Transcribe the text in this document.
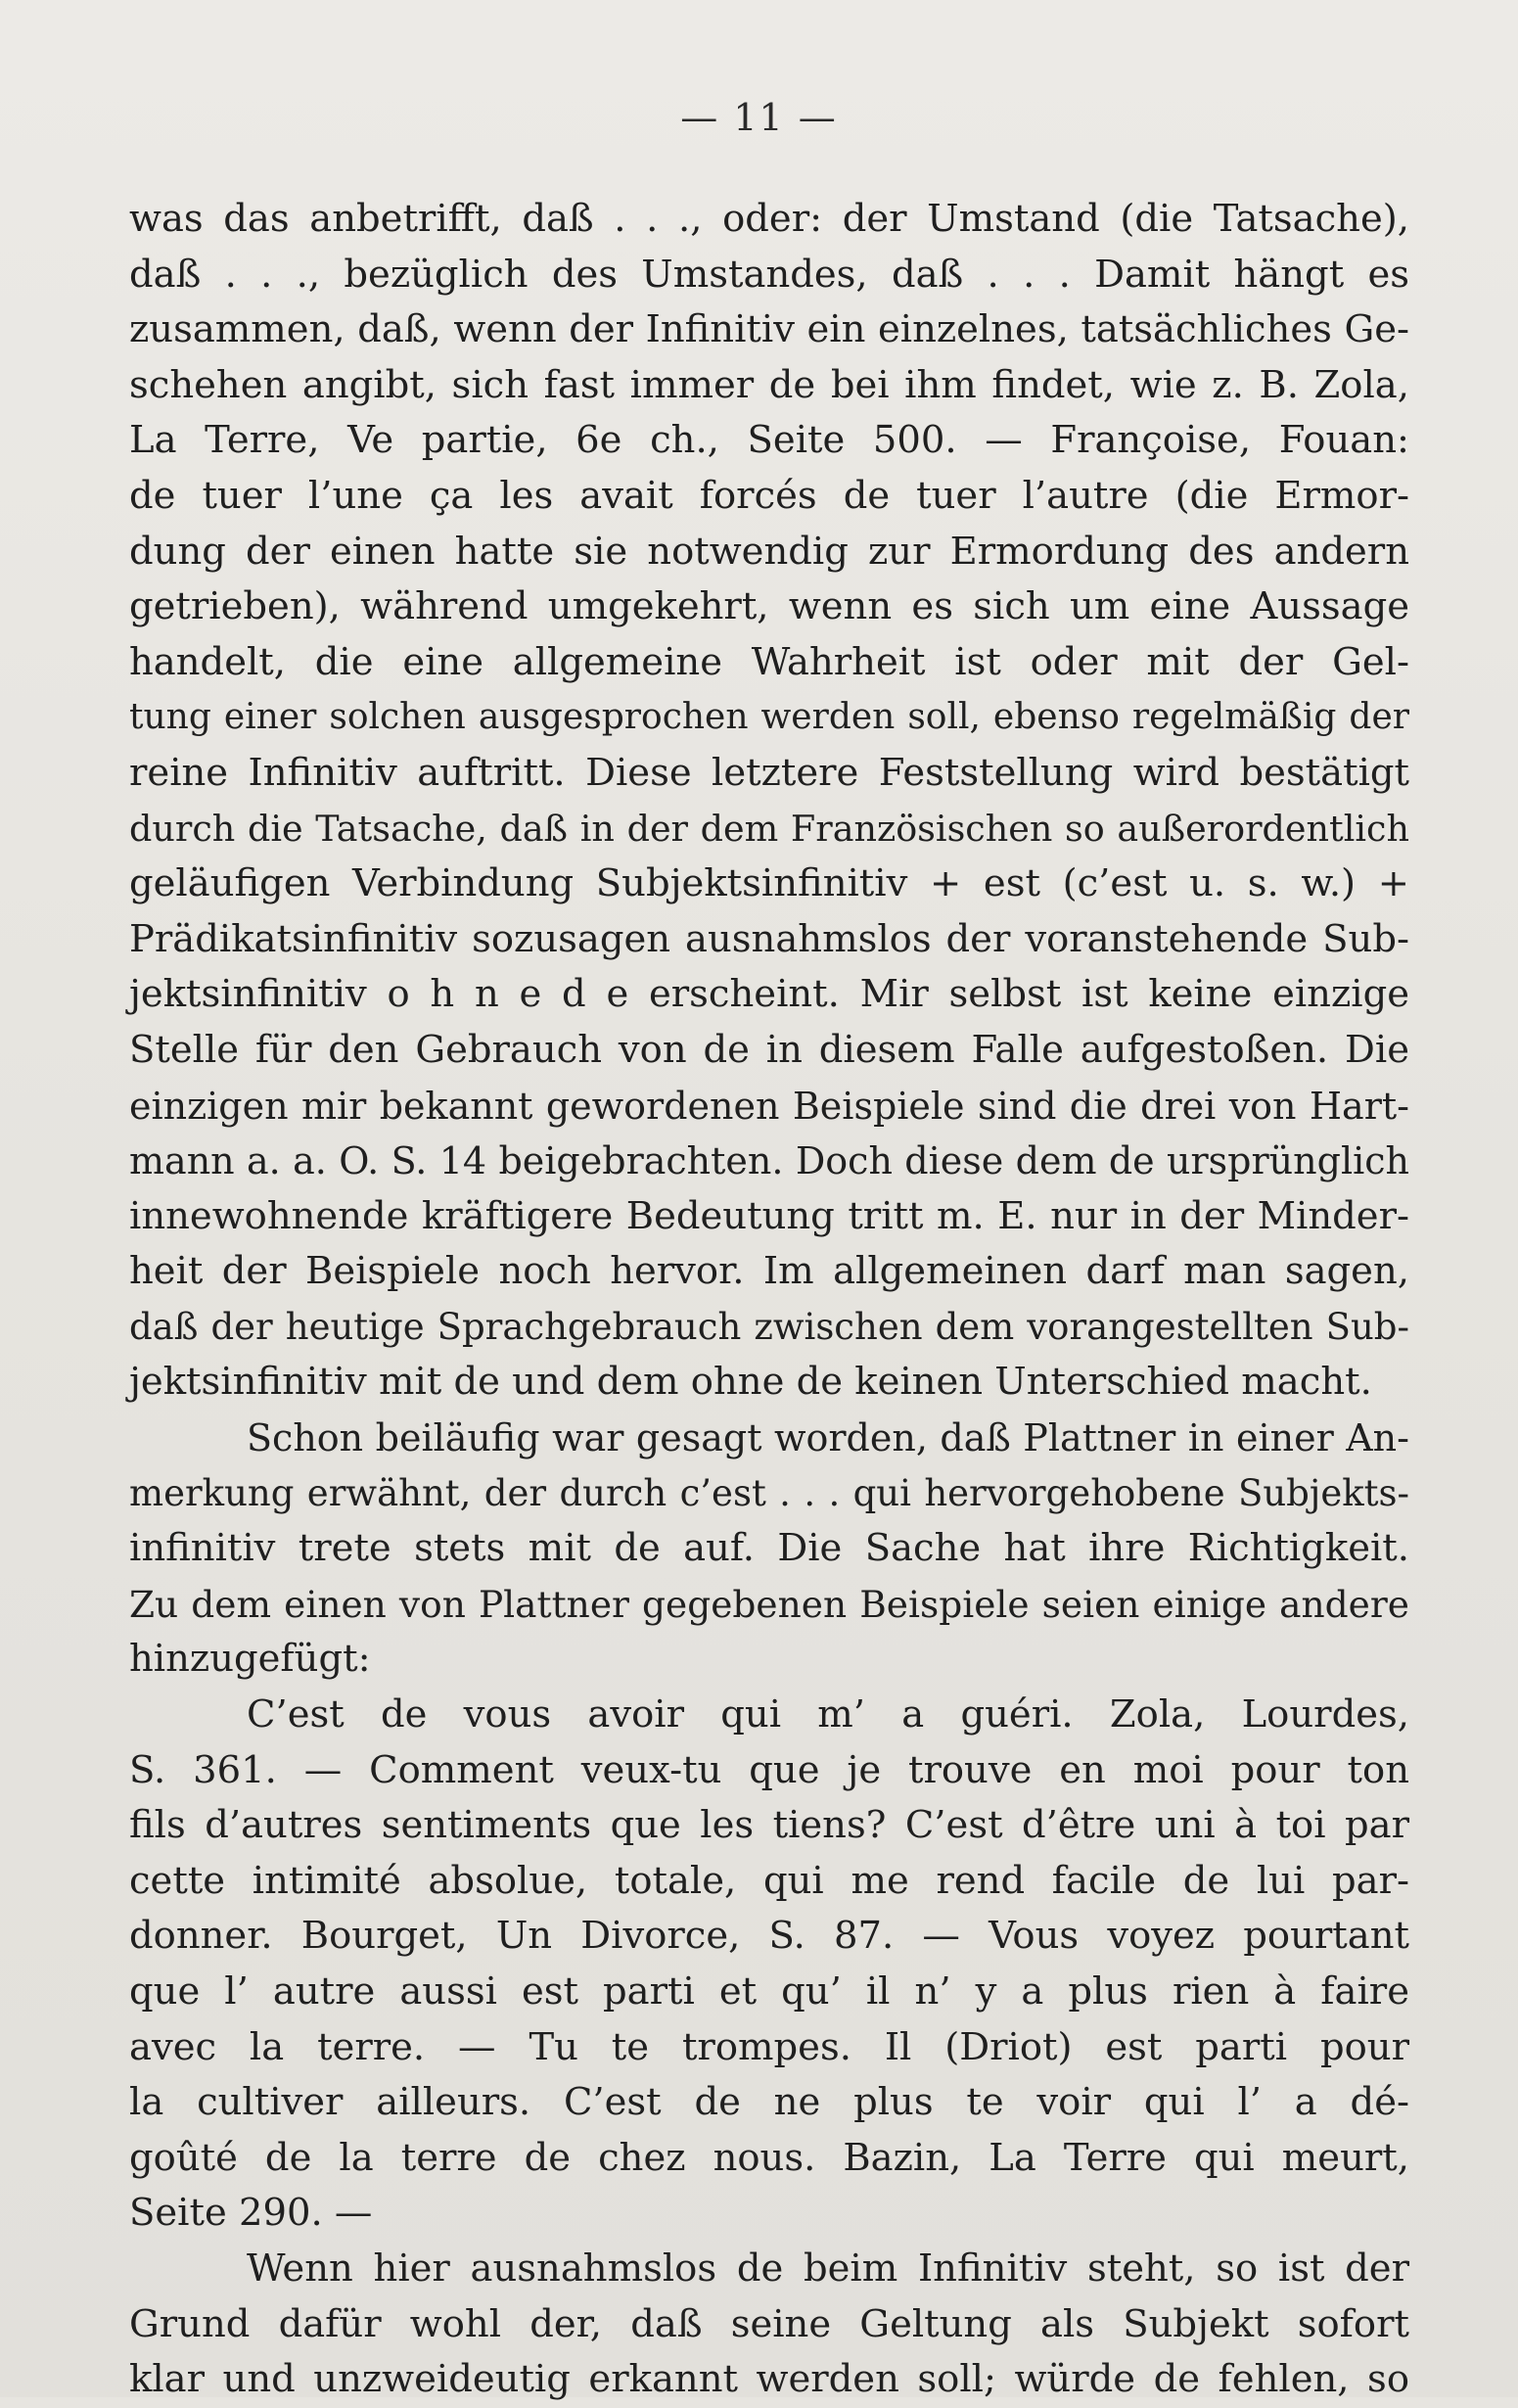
— 11 —
was das anbetrifft, daß . . ., oder: der Umstand (die Tatsache),
daß . . ., bezüglich des Umstandes, daß . . . Damit hängt es
zusammen, daß, wenn der Infinitiv ein einzelnes, tatsächliches Ge-
schehen angibt, sich fast immer de bei ihm findet, wie z. B. Zola,
La Terre, Ve partie, 6e ch., Seite 500. — Françoise, Fouan:
de tuer l’une ça les avait forcés de tuer l’autre (die Ermor-
dung der einen hatte sie notwendig zur Ermordung des andern
getrieben), während umgekehrt, wenn es sich um eine Aussage
handelt, die eine allgemeine Wahrheit ist oder mit der Gel-
tung einer solchen ausgesprochen werden soll, ebenso regelmäßig der
reine Infinitiv auftritt. Diese letztere Feststellung wird bestätigt
durch die Tatsache, daß in der dem Französischen so außerordentlich
geläufigen Verbindung Subjektsinfinitiv + est (c’est u. s. w.) +
Prädikatsinfinitiv sozusagen ausnahmslos der voranstehende Sub-
jektsinfinitiv o h n e d e erscheint. Mir selbst ist keine einzige
Stelle für den Gebrauch von de in diesem Falle aufgestoßen. Die
einzigen mir bekannt gewordenen Beispiele sind die drei von Hart-
mann a. a. O. S. 14 beigebrachten. Doch diese dem de ursprünglich
innewohnende kräftigere Bedeutung tritt m. E. nur in der Minder-
heit der Beispiele noch hervor. Im allgemeinen darf man sagen,
daß der heutige Sprachgebrauch zwischen dem vorangestellten Sub-
jektsinfinitiv mit de und dem ohne de keinen Unterschied macht.
Schon beiläufig war gesagt worden, daß Plattner in einer An-
merkung erwähnt, der durch c’est . . . qui hervorgehobene Subjekts-
infinitiv trete stets mit de auf. Die Sache hat ihre Richtigkeit.
Zu dem einen von Plattner gegebenen Beispiele seien einige andere
hinzugefügt:
C’est de vous avoir qui m’ a guéri. Zola, Lourdes,
S. 361. — Comment veux-tu que je trouve en moi pour ton
fils d’autres sentiments que les tiens? C’est d’être uni à toi par
cette intimité absolue, totale, qui me rend facile de lui par-
donner. Bourget, Un Divorce, S. 87. — Vous voyez pourtant
que l’ autre aussi est parti et qu’ il n’ y a plus rien à faire
avec la terre. — Tu te trompes. Il (Driot) est parti pour
la cultiver ailleurs. C’est de ne plus te voir qui l’ a dé-
goûté de la terre de chez nous. Bazin, La Terre qui meurt,
Seite 290. —
Wenn hier ausnahmslos de beim Infinitiv steht, so ist der
Grund dafür wohl der, daß seine Geltung als Subjekt sofort
klar und unzweideutig erkannt werden soll; würde de fehlen, so
